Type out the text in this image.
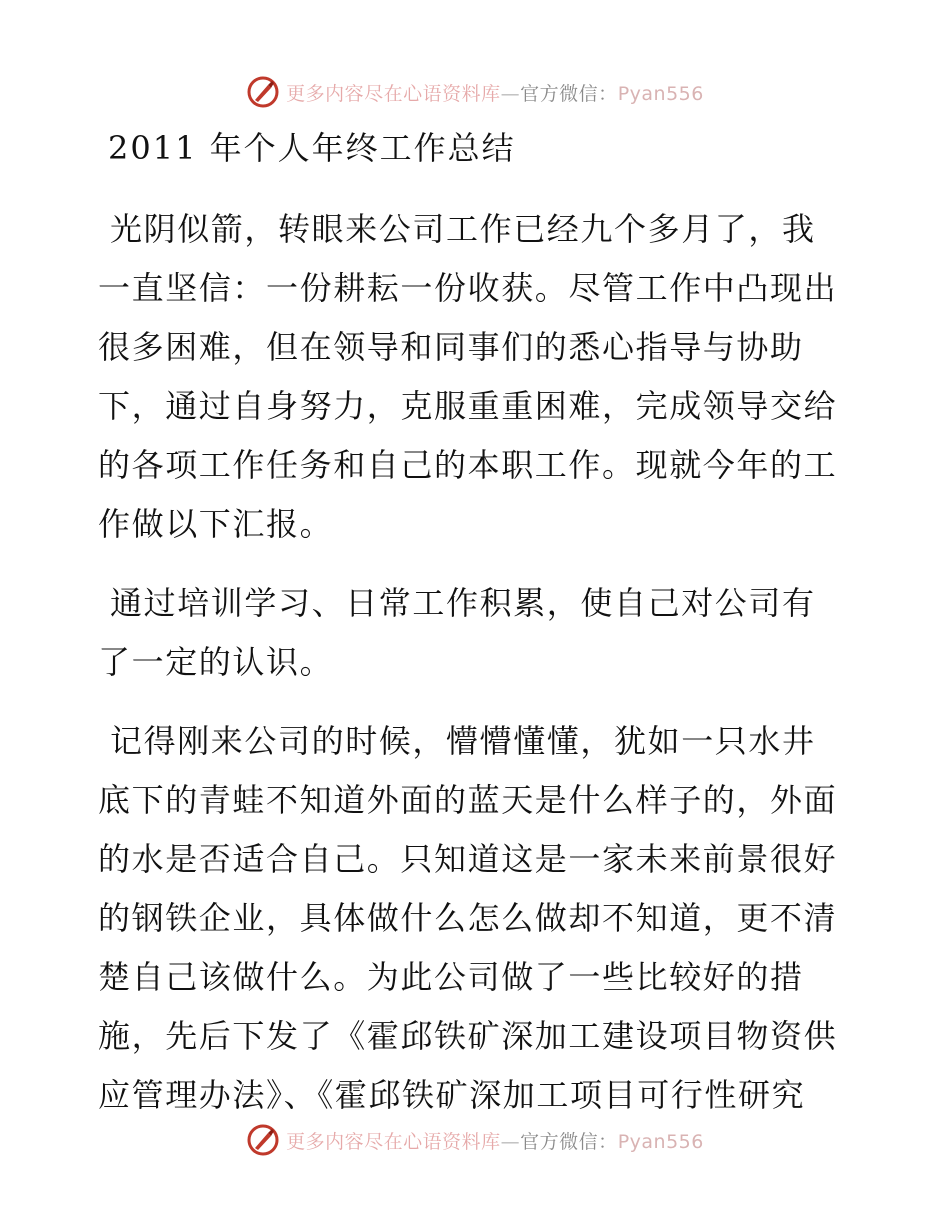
更多内容尽在心语资料库—官方微信：Pyan556
2011 年个人年终工作总结
光阴似箭，转眼来公司工作已经九个多月了，我
一直坚信：一份耕耘一份收获。尽管工作中凸现出
很多困难，但在领导和同事们的悉心指导与协助
下，通过自身努力，克服重重困难，完成领导交给
的各项工作任务和自己的本职工作。现就今年的工
作做以下汇报。
通过培训学习、日常工作积累，使自己对公司有
了一定的认识。
记得刚来公司的时候，懵懵懂懂，犹如一只水井
底下的青蛙不知道外面的蓝天是什么样子的，外面
的水是否适合自己。只知道这是一家未来前景很好
的钢铁企业，具体做什么怎么做却不知道，更不清
楚自己该做什么。为此公司做了一些比较好的措
施，先后下发了《霍邱铁矿深加工建设项目物资供
应管理办法》、《霍邱铁矿深加工项目可行性研究
更多内容尽在心语资料库—官方微信：Pyan556
